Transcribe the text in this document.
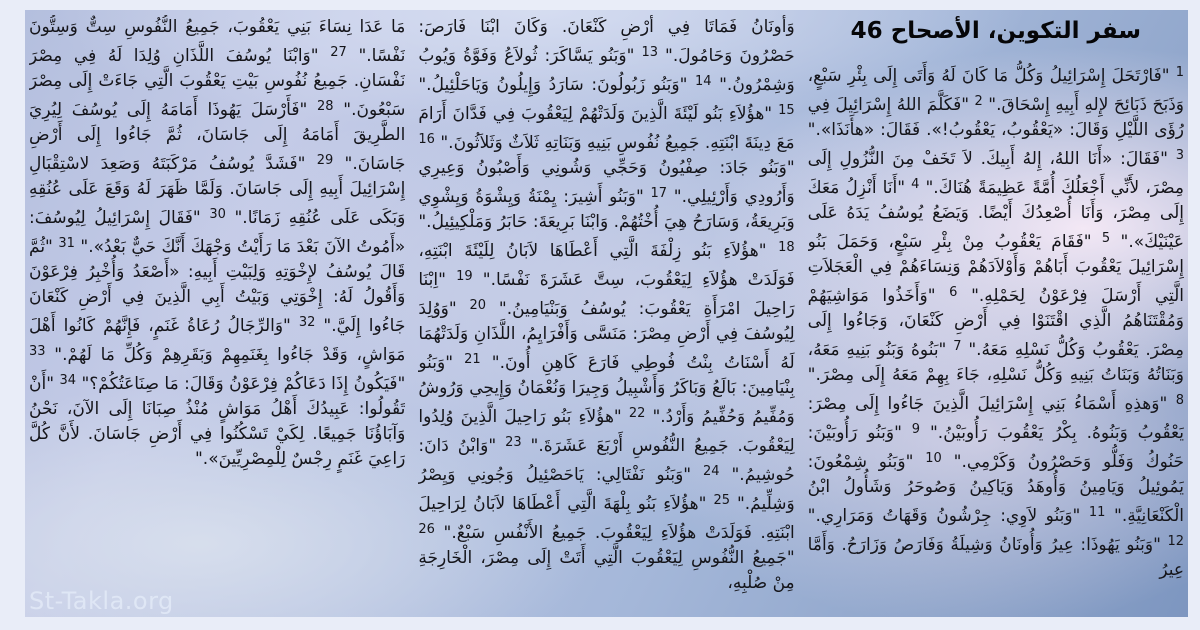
سفر التكوين، الأصحاح 46

$^1$ "فَارْتَحَلَ إِسْرَائِيلُ وَكُلُّ مَا كَانَ لَهُ وَأَتَى إِلَى بِئْرِ سَبْعٍ، وَذَبَحَ ذَبَائِحَ لإِلهِ أَبِيهِ إِسْحَاقَ." $^2$ "فَكَلَّمَ اللهُ إِسْرَائِيلَ فِي رُؤَى اللَّيْلِ وَقَالَ: «يَعْقُوبُ، يَعْقُوبُ!». فَقَالَ: «هأَنَذَا»." $^3$ "فَقَالَ: «أَنَا اللهُ، إِلهُ أَبِيكَ. لاَ تَخَفْ مِنَ النُّزُولِ إِلَى مِصْرَ، لأَنِّي أَجْعَلُكَ أُمَّةً عَظِيمَةً هُنَاكَ." $^4$ "أَنَا أَنْزِلُ مَعَكَ إِلَى مِصْرَ، وَأَنَا أُصْعِدُكَ أَيْضًا. وَيَضَعُ يُوسُفُ يَدَهُ عَلَى عَيْنَيْكَ»." $^5$ "فَقَامَ يَعْقُوبُ مِنْ بِئْرِ سَبْعٍ، وَحَمَلَ بَنُو إِسْرَائِيلَ يَعْقُوبَ أَبَاهُمْ وَأَوْلاَدَهُمْ وَنِسَاءَهُمْ فِي الْعَجَلاَتِ الَّتِي أَرْسَلَ فِرْعَوْنُ لِحَمْلِهِ." $^6$ "وَأَخَذُوا مَوَاشِيَهُمْ وَمُقْتَنَاهُمُ الَّذِي اقْتَنَوْا فِي أَرْضِ كَنْعَانَ، وَجَاءُوا إِلَى مِصْرَ. يَعْقُوبُ وَكُلُّ نَسْلِهِ مَعَهُ." $^7$ "بَنُوهُ وَبَنُو بَنِيهِ مَعَهُ، وَبَنَاتُهُ وَبَنَاتُ بَنِيهِ وَكُلُّ نَسْلِهِ، جَاءَ بِهِمْ مَعَهُ إِلَى مِصْرَ." $^8$ "وَهذِهِ أَسْمَاءُ بَنِي إِسْرَائِيلَ الَّذِينَ جَاءُوا إِلَى مِصْرَ: يَعْقُوبُ وَبَنُوهُ. بِكْرُ يَعْقُوبَ رَأُوبَيْنُ." $^9$ "وَبَنُو رَأُوبَيْنَ: حَنُوكُ وَفَلُّو وَحَصْرُونُ وَكَرْمِي." $^{10}$ "وَبَنُو شِمْعُونَ: يَمُوئِيلُ وَيَامِينُ وَأُوهَدُ وَيَاكِينُ وَصُوحَرُ وَشَأُولُ ابْنُ الْكَنْعَانِيَّةِ." $^{11}$ "وَبَنُو لاَوِي: جِرْشُونُ وَقَهَاتُ وَمَرَارِي." $^{12}$ "وَبَنُو يَهُوذَا: عِيرُ وَأُونَانُ وَشِيلَةُ وَفَارَصُ وَزَارَحُ. وَأَمَّا عِيرُ

وَأُونَانُ فَمَاتَا فِي أَرْضِ كَنْعَانَ. وَكَانَ ابْنَا فَارَصَ: حَصْرُونَ وَحَامُولَ." $^{13}$ "وَبَنُو يَسَّاكَرَ: ثُولاَعُ وَفَوَّةُ وَيُوبُ وَشِمْرُونُ." $^{14}$ "وَبَنُو زَبُولُونَ: سَارَدُ وَإِيلُونُ وَيَاحَلْئِيلُ." $^{15}$ "هؤُلاَءِ بَنُو لَيْئَةَ الَّذِينَ وَلَدَتْهُمْ لِيَعْقُوبَ فِي فَدَّانَ أَرَامَ مَعَ دِينَةَ ابْنَتِهِ. جَمِيعُ نُفُوسِ بَنِيهِ وَبَنَاتِهِ ثَلاَثٌ وَثَلاَثُونَ." $^{16}$ "وَبَنُو جَادَ: صِفْيُونُ وَحَجِّي وَشُونِي وَأَصْبُونُ وَعِيرِي وَأَرُودِي وَأَرْئِيلِي." $^{17}$ "وَبَنُو أَشِيرَ: يِمْنَةُ وَيِشْوَةُ وَيِشْوِي وَبَرِيعَةُ، وَسَارَحُ هِيَ أُخْتُهُمْ. وَابْنَا بَرِيعَةَ: حَابَرُ وَمَلْكِيئِيلُ." $^{18}$ "هؤُلاَءِ بَنُو زِلْفَةَ الَّتِي أَعْطَاهَا لاَبَانُ لِلَيْئَةَ ابْنَتِهِ، فَوَلَدَتْ هؤُلاَءِ لِيَعْقُوبَ، سِتَّ عَشَرَةَ نَفْسًا." $^{19}$ "اِبْنَا رَاحِيلَ امْرَأَةِ يَعْقُوبَ: يُوسُفُ وَبَنْيَامِينُ." $^{20}$ "وَوُلِدَ لِيُوسُفَ فِي أَرْضِ مِصْرَ: مَنَسَّى وَأَفْرَايِمُ، اللَّذَانِ وَلَدَتْهُمَا لَهُ أَسْنَاتُ بِنْتُ فُوطِي فَارَعَ كَاهِنِ أُونَ." $^{21}$ "وَبَنُو بِنْيَامِينَ: بَالَعُ وَبَاكَرُ وَأَشْبِيلُ وَجِيرَا وَنُعْمَانُ وَإِيحِي وَرُوشُ وَمُفِّيمُ وَحُفِّيمُ وَأَرْدُ." $^{22}$ "هؤُلاَءِ بَنُو رَاحِيلَ الَّذِينَ وُلِدُوا لِيَعْقُوبَ. جَمِيعُ النُّفُوسِ أَرْبَعَ عَشَرَةَ." $^{23}$ "وَابْنُ دَانَ: حُوشِيمُ." $^{24}$ "وَبَنُو نَفْتَالِي: يَاحَصْئِيلُ وَجُونِي وَيِصْرُ وَشِلِّيمُ." $^{25}$ "هؤُلاَءِ بَنُو بِلْهَةَ الَّتِي أَعْطَاهَا لاَبَانُ لِرَاحِيلَ ابْنَتِهِ. فَوَلَدَتْ هؤُلاَءِ لِيَعْقُوبَ. جَمِيعُ الأَنْفُسِ سَبْعٌ." $^{26}$ "جَمِيعُ النُّفُوسِ لِيَعْقُوبَ الَّتِي أَتَتْ إِلَى مِصْرَ، الْخَارِجَةِ مِنْ صُلْبِهِ،

مَا عَدَا نِسَاءَ بَنِي يَعْقُوبَ، جَمِيعُ النُّفُوسِ سِتٌّ وَسِتُّونَ نَفْسًا." $^{27}$ "وَابْنَا يُوسُفَ اللَّذَانِ وُلِدَا لَهُ فِي مِصْرَ نَفْسَانِ. جَمِيعُ نُفُوسِ بَيْتِ يَعْقُوبَ الَّتِي جَاءَتْ إِلَى مِصْرَ سَبْعُونَ." $^{28}$ "فَأَرْسَلَ يَهُوذَا أَمَامَهُ إِلَى يُوسُفَ لِيُرِيَ الطَّرِيقَ أَمَامَهُ إِلَى جَاسَانَ، ثُمَّ جَاءُوا إِلَى أَرْضِ جَاسَانَ." $^{29}$ "فَشَدَّ يُوسُفُ مَرْكَبَتَهُ وَصَعِدَ لاسْتِقْبَالِ إِسْرَائِيلَ أَبِيهِ إِلَى جَاسَانَ. وَلَمَّا ظَهَرَ لَهُ وَقَعَ عَلَى عُنُقِهِ وَبَكَى عَلَى عُنُقِهِ زَمَانًا." $^{30}$ "فَقَالَ إِسْرَائِيلُ لِيُوسُفَ: «أَمُوتُ الآنَ بَعْدَ مَا رَأَيْتُ وَجْهَكَ أَنَّكَ حَيٌّ بَعْدُ»." $^{31}$ "ثُمَّ قَالَ يُوسُفُ لإِخْوَتِهِ وَلِبَيْتِ أَبِيهِ: «أَصْعَدُ وَأُخْبِرُ فِرْعَوْنَ وَأَقُولُ لَهُ: إِخْوَتِي وَبَيْتُ أَبِي الَّذِينَ فِي أَرْضِ كَنْعَانَ جَاءُوا إِلَيَّ." $^{32}$ "وَالرِّجَالُ رُعَاةُ غَنَمٍ، فَإِنَّهُمْ كَانُوا أَهْلَ مَوَاشٍ، وَقَدْ جَاءُوا بِغَنَمِهِمْ وَبَقَرِهِمْ وَكُلِّ مَا لَهُمْ." $^{33}$ "فَيَكُونُ إِذَا دَعَاكُمْ فِرْعَوْنُ وَقَالَ: مَا صِنَاعَتُكُمْ؟" $^{34}$ "أَنْ تَقُولُوا: عَبِيدُكَ أَهْلُ مَوَاشٍ مُنْذُ صِبَانَا إِلَى الآنَ، نَحْنُ وَآبَاؤُنَا جَمِيعًا. لِكَيْ تَسْكُنُوا فِي أَرْضِ جَاسَانَ. لأَنَّ كُلَّ رَاعِيَ غَنَمٍ رِجْسٌ لِلْمِصْرِيِّينَ»."

St-Takla.org
